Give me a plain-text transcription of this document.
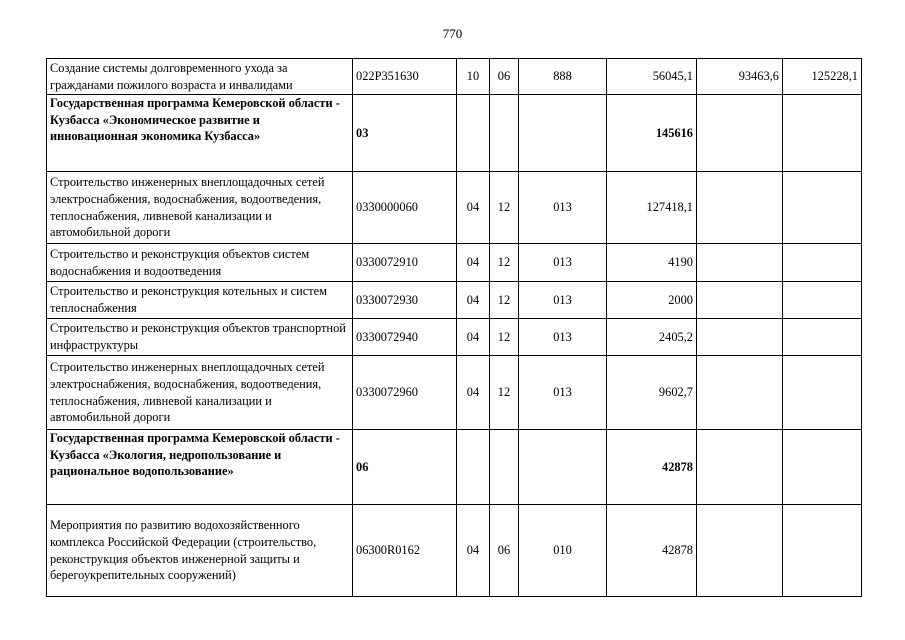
770
Создание системы долговременного ухода за гражданами пожилого возраста и инвалидами	022P351630	10	06	888	56045,1	93463,6	125228,1
Государственная программа Кемеровской области - Кузбасса «Экономическое развитие и инновационная экономика Кузбасса»	03				145616		
Строительство инженерных внеплощадочных сетей электроснабжения, водоснабжения, водоотведения, теплоснабжения, ливневой канализации и автомобильной дороги	0330000060	04	12	013	127418,1		
Строительство и реконструкция объектов систем водоснабжения и водоотведения	0330072910	04	12	013	4190		
Строительство и реконструкция котельных и систем теплоснабжения	0330072930	04	12	013	2000		
Строительство и реконструкция объектов транспортной инфраструктуры	0330072940	04	12	013	2405,2		
Строительство инженерных внеплощадочных сетей электроснабжения, водоснабжения, водоотведения, теплоснабжения, ливневой канализации и автомобильной дороги	0330072960	04	12	013	9602,7		
Государственная программа Кемеровской области - Кузбасса «Экология, недропользование и рациональное водопользование»	06				42878		
Мероприятия по развитию водохозяйственного комплекса Российской Федерации (строительство, реконструкция объектов инженерной защиты и берегоукрепительных сооружений)	06300R0162	04	06	010	42878		
